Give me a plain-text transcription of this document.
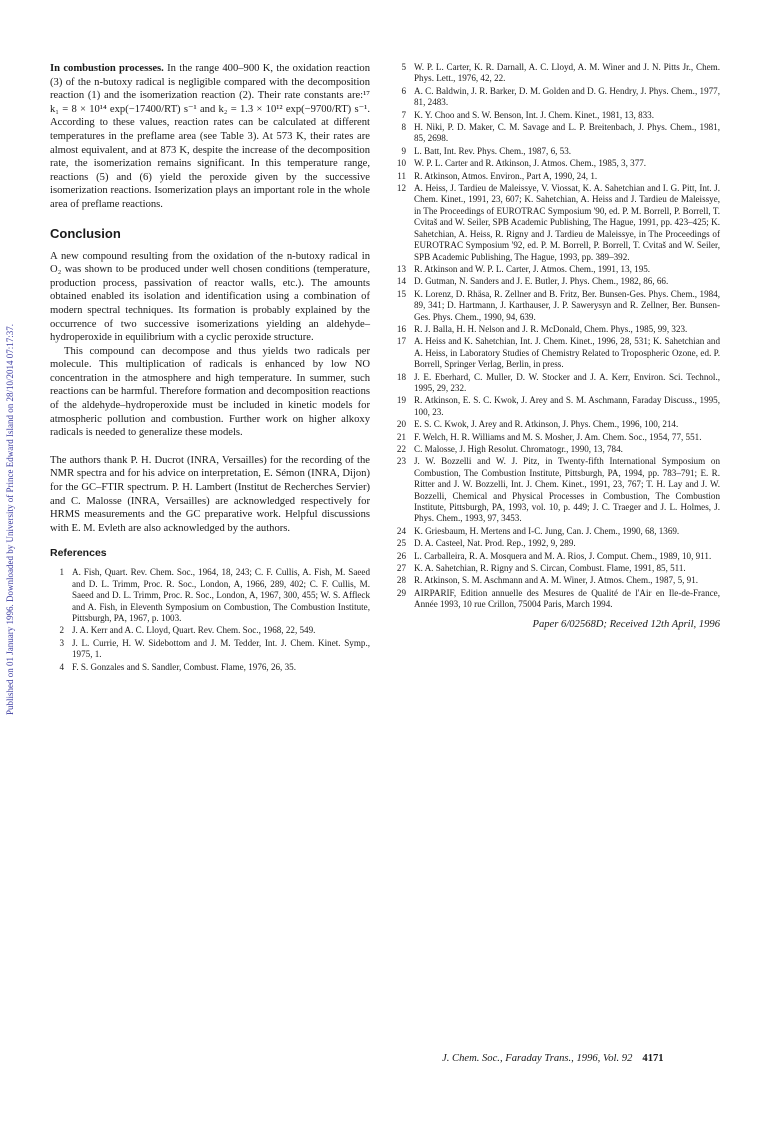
Published on 01 January 1996. Downloaded by University of Prince Edward Island on 28/10/2014 07:17:37.

In combustion processes. In the range 400–900 K, the oxidation reaction (3) of the n-butoxy radical is negligible compared with the decomposition reaction (1) and the isomerization reaction (2). Their rate constants are:¹⁷ k₁ = 8 × 10¹⁴ exp(−17400/RT) s⁻¹ and k₂ = 1.3 × 10¹² exp(−9700/RT) s⁻¹. According to these values, reaction rates can be calculated at different temperatures in the preflame area (see Table 3). At 573 K, their rates are almost equivalent, and at 873 K, despite the increase of the decomposition rate, the isomerization remains significant. In this temperature range, reactions (5) and (6) yield the peroxide given by the successive isomerization reactions. Isomerization plays an important role in the whole area of preflame reactions.

Conclusion

A new compound resulting from the oxidation of the n-butoxy radical in O₂ was shown to be produced under well chosen conditions (temperature, production process, passivation of reactor walls, etc.). The amounts obtained enabled its isolation and identification using a combination of modern spectral techniques. Its formation is probably explained by the occurrence of two successive isomerizations yielding an aldehyde–hydroperoxide in equilibrium with a cyclic peroxide structure.

This compound can decompose and thus yields two radicals per molecule. This multiplication of radicals is enhanced by low NO concentration in the atmosphere and high temperature. In summer, such reactions can be harmful. Therefore formation and decomposition reactions of the aldehyde–hydroperoxide must be included in kinetic models for atmospheric pollution and combustion. Further work on higher alkoxy radicals is needed to generalize these models.

The authors thank P. H. Ducrot (INRA, Versailles) for the recording of the NMR spectra and for his advice on interpretation, E. Sémon (INRA, Dijon) for the GC–FTIR spectrum. P. H. Lambert (Institut de Recherches Servier) and C. Malosse (INRA, Versailles) are acknowledged respectively for HRMS measurements and the GC preparative work. Helpful discussions with E. M. Evleth are also acknowledged by the authors.

References
1 A. Fish, Quart. Rev. Chem. Soc., 1964, 18, 243; C. F. Cullis, A. Fish, M. Saeed and D. L. Trimm, Proc. R. Soc., London, A, 1966, 289, 402; C. F. Cullis, M. Saeed and D. L. Trimm, Proc. R. Soc., London, A, 1967, 300, 455; W. S. Affleck and A. Fish, in Eleventh Symposium on Combustion, The Combustion Institute, Pittsburgh, PA, 1967, p. 1003.
2 J. A. Kerr and A. C. Lloyd, Quart. Rev. Chem. Soc., 1968, 22, 549.
3 J. L. Currie, H. W. Sidebottom and J. M. Tedder, Int. J. Chem. Kinet. Symp., 1975, 1.
4 F. S. Gonzales and S. Sandler, Combust. Flame, 1976, 26, 35.
5 W. P. L. Carter, K. R. Darnall, A. C. Lloyd, A. M. Winer and J. N. Pitts Jr., Chem. Phys. Lett., 1976, 42, 22.
6 A. C. Baldwin, J. R. Barker, D. M. Golden and D. G. Hendry, J. Phys. Chem., 1977, 81, 2483.
7 K. Y. Choo and S. W. Benson, Int. J. Chem. Kinet., 1981, 13, 833.
8 H. Niki, P. D. Maker, C. M. Savage and L. P. Breitenbach, J. Phys. Chem., 1981, 85, 2698.
9 L. Batt, Int. Rev. Phys. Chem., 1987, 6, 53.
10 W. P. L. Carter and R. Atkinson, J. Atmos. Chem., 1985, 3, 377.
11 R. Atkinson, Atmos. Environ., Part A, 1990, 24, 1.
12 A. Heiss, J. Tardieu de Maleissye, V. Viossat, K. A. Sahetchian and I. G. Pitt, Int. J. Chem. Kinet., 1991, 23, 607; K. Sahetchian, A. Heiss and J. Tardieu de Maleissye, in The Proceedings of EUROTRAC Symposium '90, ed. P. M. Borrell, P. Borrell, T. Cvitaš and W. Seiler, SPB Academic Publishing, The Hague, 1991, pp. 423–425; K. Sahetchian, A. Heiss, R. Rigny and J. Tardieu de Maleissye, in The Proceedings of EUROTRAC Symposium '92, ed. P. M. Borrell, P. Borrell, T. Cvitaš and W. Seiler, SPB Academic Publishing, The Hague, 1993, pp. 389–392.
13 R. Atkinson and W. P. L. Carter, J. Atmos. Chem., 1991, 13, 195.
14 D. Gutman, N. Sanders and J. E. Butler, J. Phys. Chem., 1982, 86, 66.
15 K. Lorenz, D. Rhäsa, R. Zellner and B. Fritz, Ber. Bunsen-Ges. Phys. Chem., 1984, 89, 341; D. Hartmann, J. Karthauser, J. P. Sawerysyn and R. Zellner, Ber. Bunsen-Ges. Phys. Chem., 1990, 94, 639.
16 R. J. Balla, H. H. Nelson and J. R. McDonald, Chem. Phys., 1985, 99, 323.
17 A. Heiss and K. Sahetchian, Int. J. Chem. Kinet., 1996, 28, 531; K. Sahetchian and A. Heiss, in Laboratory Studies of Chemistry Related to Tropospheric Ozone, ed. P. Borrell, Springer Verlag, Berlin, in press.
18 J. E. Eberhard, C. Muller, D. W. Stocker and J. A. Kerr, Environ. Sci. Technol., 1995, 29, 232.
19 R. Atkinson, E. S. C. Kwok, J. Arey and S. M. Aschmann, Faraday Discuss., 1995, 100, 23.
20 E. S. C. Kwok, J. Arey and R. Atkinson, J. Phys. Chem., 1996, 100, 214.
21 F. Welch, H. R. Williams and M. S. Mosher, J. Am. Chem. Soc., 1954, 77, 551.
22 C. Malosse, J. High Resolut. Chromatogr., 1990, 13, 784.
23 J. W. Bozzelli and W. J. Pitz, in Twenty-fifth International Symposium on Combustion, The Combustion Institute, Pittsburgh, PA, 1994, pp. 783–791; E. R. Ritter and J. W. Bozzelli, Int. J. Chem. Kinet., 1991, 23, 767; T. H. Lay and J. W. Bozzelli, Chemical and Physical Processes in Combustion, The Combustion Institute, Pittsburgh, PA, 1993, vol. 10, p. 449; J. C. Traeger and J. L. Holmes, J. Phys. Chem., 1993, 97, 3453.
24 K. Griesbaum, H. Mertens and I-C. Jung, Can. J. Chem., 1990, 68, 1369.
25 D. A. Casteel, Nat. Prod. Rep., 1992, 9, 289.
26 L. Carballeira, R. A. Mosquera and M. A. Rios, J. Comput. Chem., 1989, 10, 911.
27 K. A. Sahetchian, R. Rigny and S. Circan, Combust. Flame, 1991, 85, 511.
28 R. Atkinson, S. M. Aschmann and A. M. Winer, J. Atmos. Chem., 1987, 5, 91.
29 AIRPARIF, Edition annuelle des Mesures de Qualité de l'Air en Ile-de-France, Année 1993, 10 rue Crillon, 75004 Paris, March 1994.
Paper 6/02568D; Received 12th April, 1996
J. Chem. Soc., Faraday Trans., 1996, Vol. 92 4171
